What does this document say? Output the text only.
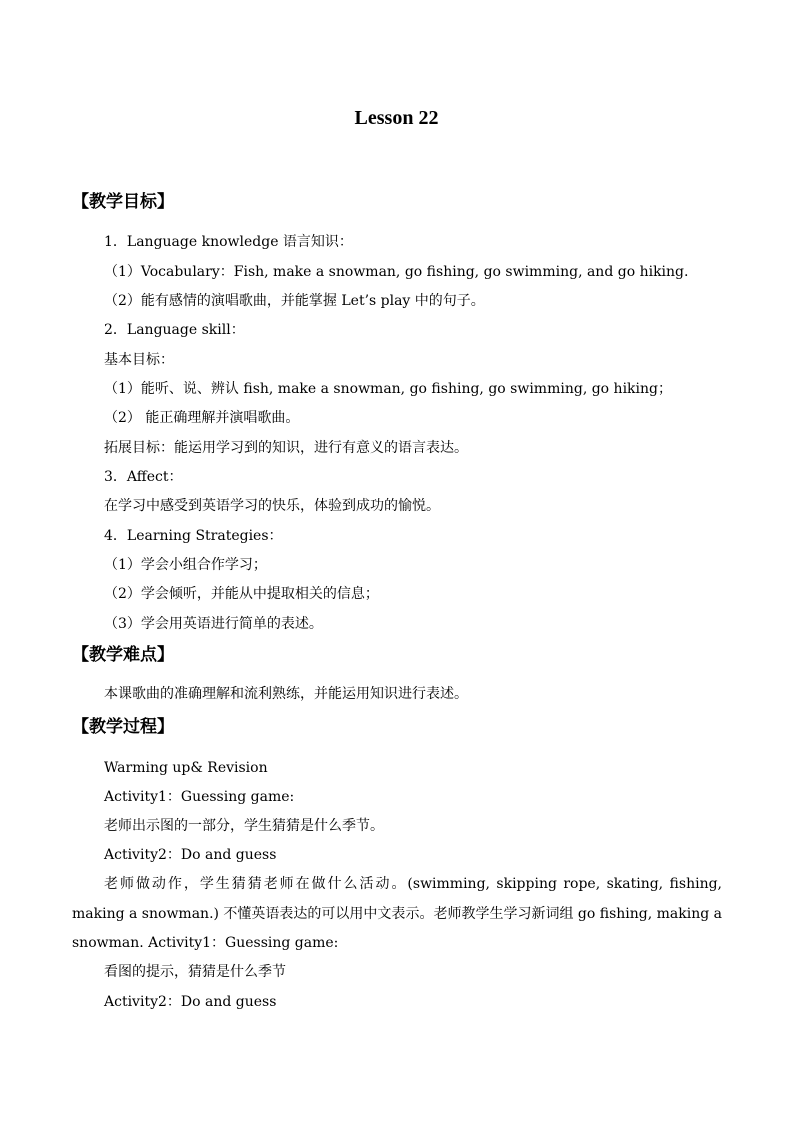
Lesson 22
【教学目标】
1．Language knowledge 语言知识：
（1）Vocabulary：Fish, make a snowman, go fishing, go swimming, and go hiking.
（2）能有感情的演唱歌曲，并能掌握 Let’s play 中的句子。
2．Language skill：
基本目标：
（1）能听、说、辨认 fish, make a snowman, go fishing, go swimming, go hiking；
（2） 能正确理解并演唱歌曲。
拓展目标：能运用学习到的知识，进行有意义的语言表达。
3．Affect：
在学习中感受到英语学习的快乐，体验到成功的愉悦。
4．Learning Strategies：
（1）学会小组合作学习；
（2）学会倾听，并能从中提取相关的信息；
（3）学会用英语进行简单的表述。
【教学难点】
本课歌曲的准确理解和流利熟练，并能运用知识进行表述。
【教学过程】
Warming up& Revision
Activity1：Guessing game:
老师出示图的一部分，学生猜猜是什么季节。
Activity2：Do and guess
老师做动作，学生猜猜老师在做什么活动。(swimming, skipping rope, skating, fishing, making a snowman.) 不懂英语表达的可以用中文表示。老师教学生学习新词组 go fishing, making a snowman. Activity1：Guessing game:
看图的提示，猜猜是什么季节
Activity2：Do and guess
